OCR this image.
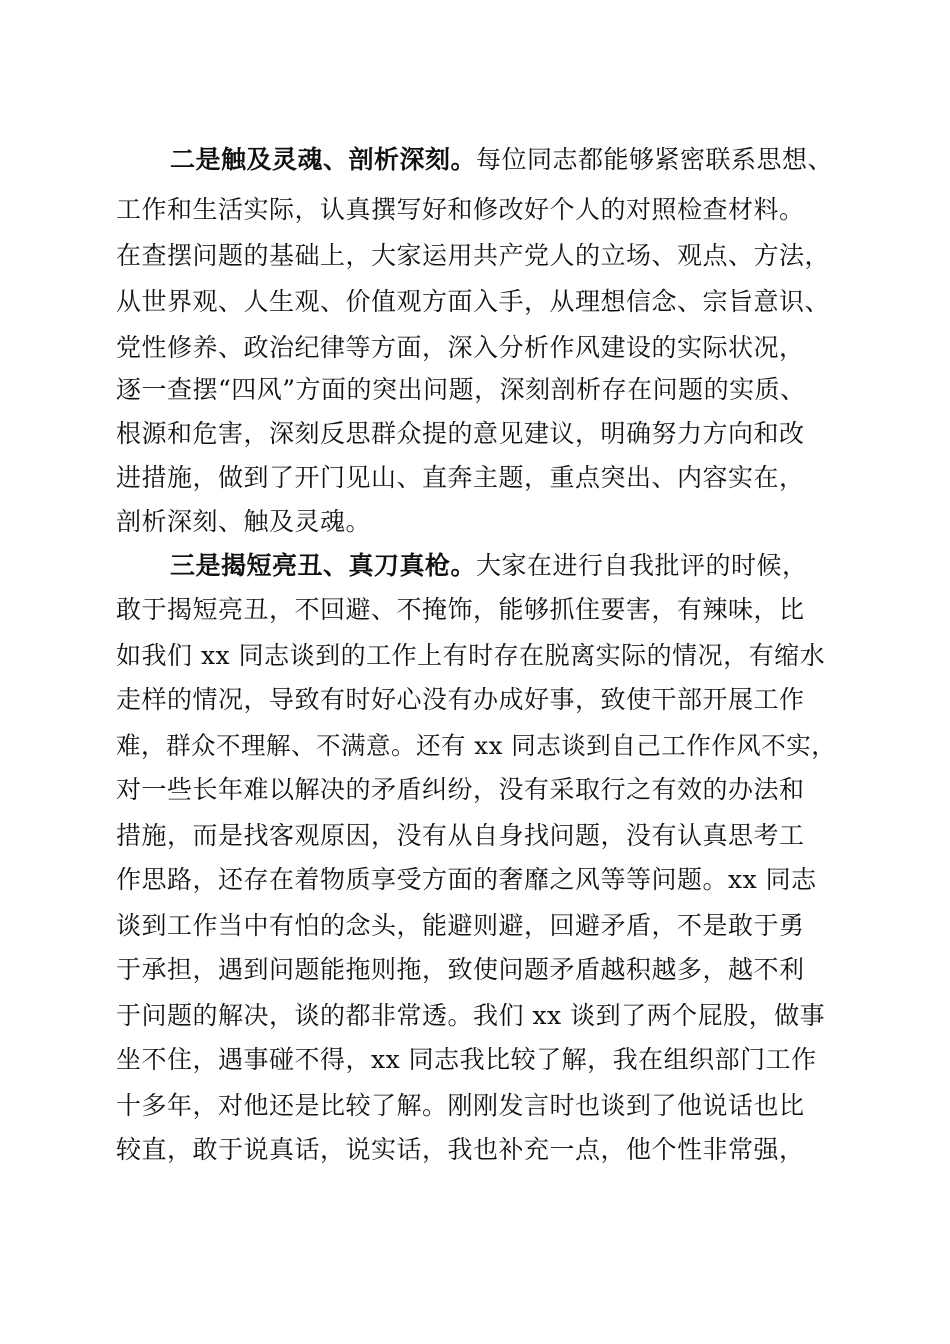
二是触及灵魂、剖析深刻。每位同志都能够紧密联系思想、
工作和生活实际，认真撰写好和修改好个人的对照检查材料。
在查摆问题的基础上，大家运用共产党人的立场、观点、方法，
从世界观、人生观、价值观方面入手，从理想信念、宗旨意识、
党性修养、政治纪律等方面，深入分析作风建设的实际状况，
逐一查摆“四风”方面的突出问题，深刻剖析存在问题的实质、
根源和危害，深刻反思群众提的意见建议，明确努力方向和改
进措施，做到了开门见山、直奔主题，重点突出、内容实在，
剖析深刻、触及灵魂。
三是揭短亮丑、真刀真枪。大家在进行自我批评的时候，
敢于揭短亮丑，不回避、不掩饰，能够抓住要害，有辣味，比
如我们 xx 同志谈到的工作上有时存在脱离实际的情况，有缩水
走样的情况，导致有时好心没有办成好事，致使干部开展工作
难，群众不理解、不满意。还有 xx 同志谈到自己工作作风不实，
对一些长年难以解决的矛盾纠纷，没有采取行之有效的办法和
措施，而是找客观原因，没有从自身找问题，没有认真思考工
作思路，还存在着物质享受方面的奢靡之风等等问题。xx 同志
谈到工作当中有怕的念头，能避则避，回避矛盾，不是敢于勇
于承担，遇到问题能拖则拖，致使问题矛盾越积越多，越不利
于问题的解决，谈的都非常透。我们 xx 谈到了两个屁股，做事
坐不住，遇事碰不得，xx 同志我比较了解，我在组织部门工作
十多年，对他还是比较了解。刚刚发言时也谈到了他说话也比
较直，敢于说真话，说实话，我也补充一点，他个性非常强，
